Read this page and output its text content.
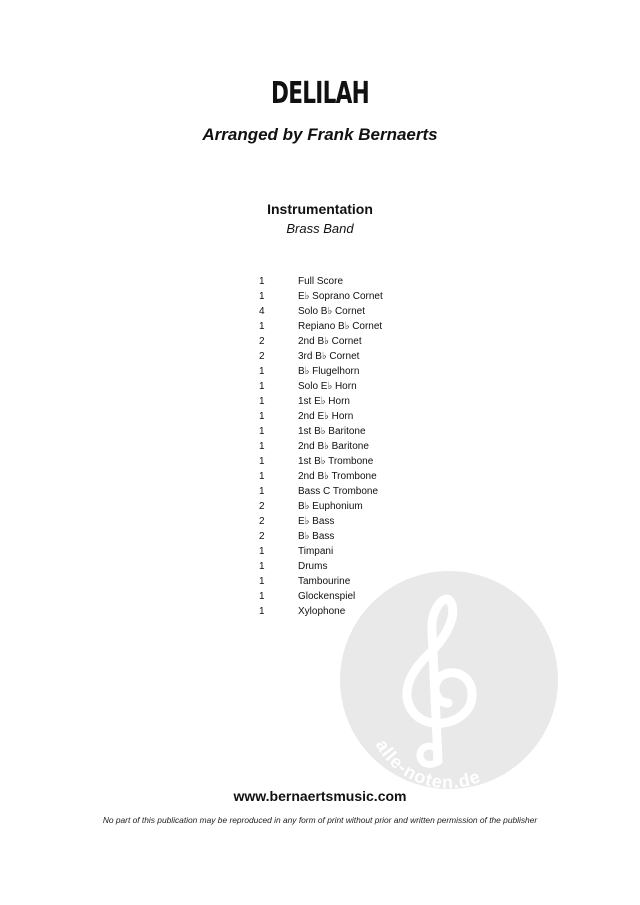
DELILAH
Arranged by Frank Bernaerts
Instrumentation
Brass Band
1	Full Score
1	E♭ Soprano Cornet
4	Solo B♭ Cornet
1	Repiano B♭ Cornet
2	2nd B♭ Cornet
2	3rd B♭ Cornet
1	B♭ Flugelhorn
1	Solo E♭ Horn
1	1st E♭ Horn
1	2nd E♭ Horn
1	1st B♭ Baritone
1	2nd B♭ Baritone
1	1st B♭ Trombone
1	2nd B♭ Trombone
1	Bass C Trombone
2	B♭ Euphonium
2	E♭ Bass
2	B♭ Bass
1	Timpani
1	Drums
1	Tambourine
1	Glockenspiel
1	Xylophone
alle-noten.de
www.bernaertsmusic.com
No part of this publication may be reproduced in any form of print without prior and written permission of the publisher
